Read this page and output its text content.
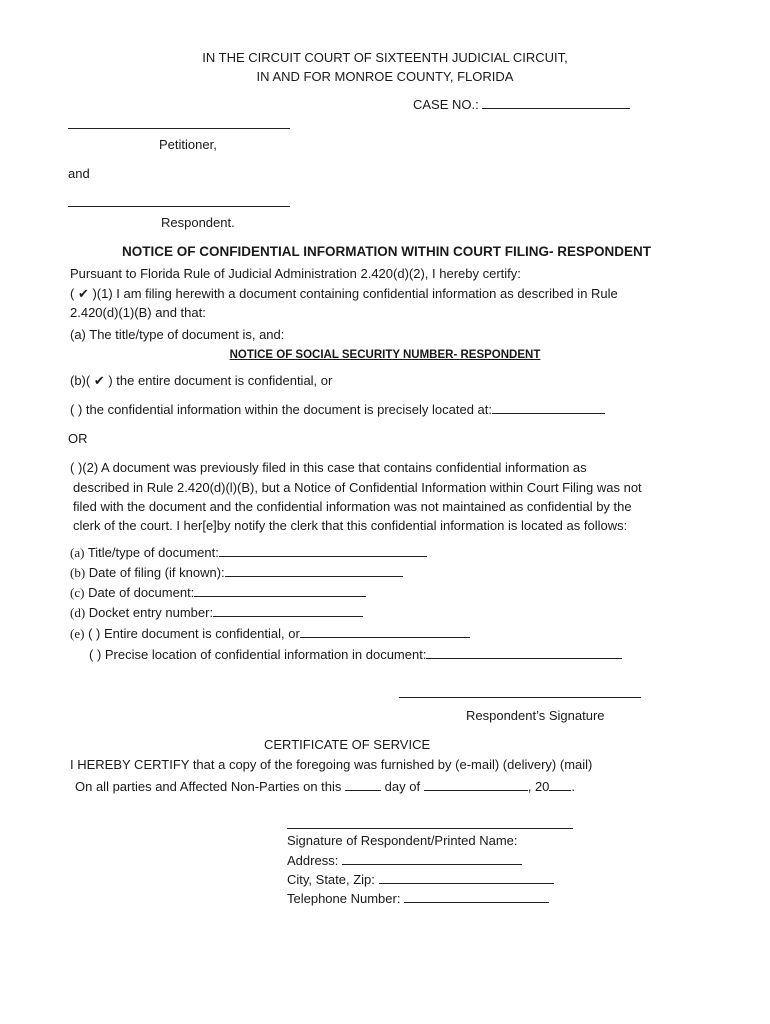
IN THE CIRCUIT COURT OF SIXTEENTH JUDICIAL CIRCUIT,
IN AND FOR MONROE COUNTY, FLORIDA
CASE NO.:
Petitioner,
and
Respondent.
NOTICE OF CONFIDENTIAL INFORMATION WITHIN COURT FILING- RESPONDENT
Pursuant to Florida Rule of Judicial Administration 2.420(d)(2), I hereby certify:
( ✔ )(1) I am filing herewith a document containing confidential information as described in Rule
2.420(d)(1)(B) and that:
(a) The title/type of document is, and:
NOTICE OF SOCIAL SECURITY NUMBER- RESPONDENT
(b)( ✔ ) the entire document is confidential, or
( ) the confidential information within the document is precisely located at:
OR
( )(2) A document was previously filed in this case that contains confidential information as
described in Rule 2.420(d)(l)(B), but a Notice of Confidential Information within Court Filing was not
filed with the document and the confidential information was not maintained as confidential by the
clerk of the court. I her[e]by notify the clerk that this confidential information is located as follows:
(a) Title/type of document:
(b) Date of filing (if known):
(c) Date of document:
(d) Docket entry number:
(e) ( ) Entire document is confidential, or
( ) Precise location of confidential information in document:
Respondent’s Signature
CERTIFICATE OF SERVICE
I HEREBY CERTIFY that a copy of the foregoing was furnished by (e-mail) (delivery) (mail)
On all parties and Affected Non-Parties on this	day of	, 20 .
Signature of Respondent/Printed Name:
Address:
City, State, Zip:
Telephone Number:
